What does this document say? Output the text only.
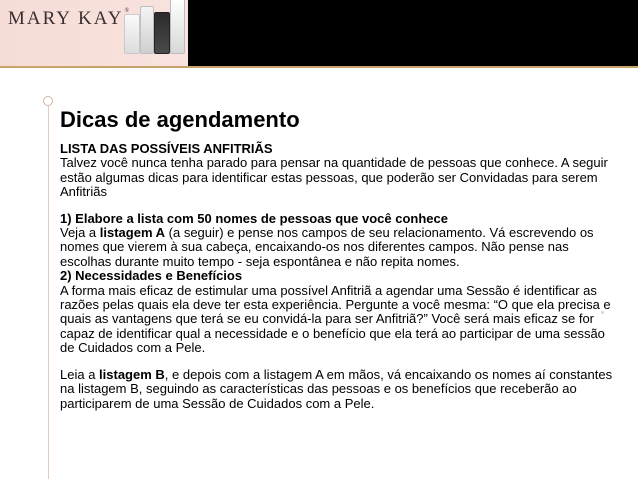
MARY KAY®
Dicas de agendamento

LISTA DAS POSSÍVEIS ANFITRIÃS

Talvez você nunca tenha parado para pensar na quantidade de pessoas que conhece. A seguir estão algumas dicas para identificar estas pessoas, que poderão ser Convidadas para serem Anfitriãs

1) Elabore a lista com 50 nomes de pessoas que você conhece

Veja a listagem A (a seguir) e pense nos campos de seu relacionamento. Vá escrevendo os nomes que vierem à sua cabeça, encaixando-os nos diferentes campos. Não pense nas escolhas durante muito tempo - seja espontânea e não repita nomes.

2) Necessidades e Benefícios

A forma mais eficaz de estimular uma possível Anfitriã a agendar uma Sessão é identificar as razões pelas quais ela deve ter esta experiência. Pergunte a você mesma: “O que ela precisa e quais as vantagens que terá se eu convidá-la para ser Anfitriã?” Você será mais eficaz se for capaz de identificar qual a necessidade e o benefício que ela terá ao participar de uma sessão de Cuidados com a Pele.

Leia a listagem B, e depois com a listagem A em mãos, vá encaixando os nomes aí constantes na listagem B, seguindo as características das pessoas e os benefícios que receberão ao participarem de uma Sessão de Cuidados com a Pele.
